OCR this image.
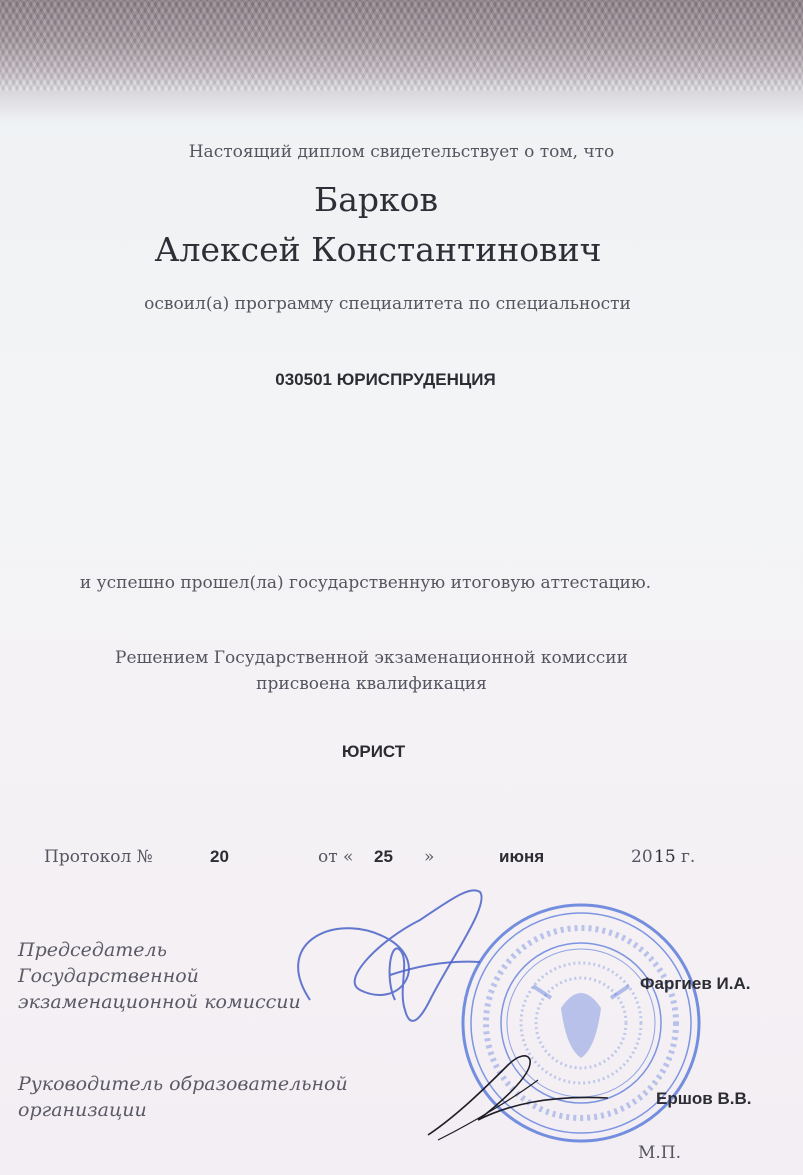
Настоящий диплом свидетельствует о том, что
Барков
Алексей Константинович
освоил(а) программу специалитета по специальности
030501 ЮРИСПРУДЕНЦИЯ
и успешно прошел(ла) государственную итоговую аттестацию.
Решением Государственной экзаменационной комиссии
присвоена квалификация
ЮРИСТ
Протокол №	20	от « 25 »	июня	20 15 г.
Председатель
Государственной
экзаменационной комиссии
Фаргиев И.А.
Руководитель образовательной
организации
Ершов В.В.
М.П.
